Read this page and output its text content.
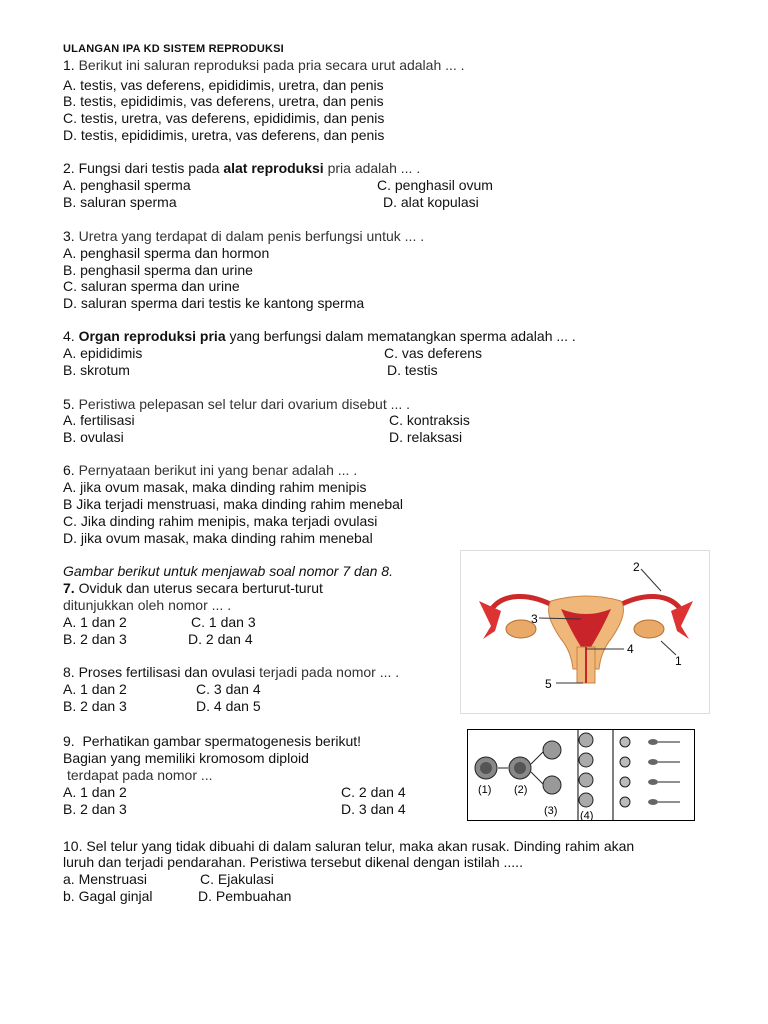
ULANGAN IPA KD SISTEM REPRODUKSI
1. Berikut ini saluran reproduksi pada pria secara urut adalah ... .
A. testis, vas deferens, epididimis, uretra, dan penis
B. testis, epididimis, vas deferens, uretra, dan penis
C. testis, uretra, vas deferens, epididimis, dan penis
D. testis, epididimis, uretra, vas deferens, dan penis
2. Fungsi dari testis pada alat reproduksi pria adalah ... .
A. penghasil sperma	C. penghasil ovum
B. saluran sperma	D. alat kopulasi
3. Uretra yang terdapat di dalam penis berfungsi untuk ... .
A. penghasil sperma dan hormon
B. penghasil sperma dan urine
C. saluran sperma dan urine
D. saluran sperma dari testis ke kantong sperma
4. Organ reproduksi pria yang berfungsi dalam mematangkan sperma adalah ... .
A. epididimis	C. vas deferens
B. skrotum	D. testis
5. Peristiwa pelepasan sel telur dari ovarium disebut ... .
A. fertilisasi	C. kontraksis
B. ovulasi	D. relaksasi
6. Pernyataan berikut ini yang benar adalah ... .
A. jika ovum masak, maka dinding rahim menipis
B Jika terjadi menstruasi, maka dinding rahim menebal
C. Jika dinding rahim menipis, maka terjadi ovulasi
D. jika ovum masak, maka dinding rahim menebal
Gambar berikut untuk menjawab soal nomor 7 dan 8.
7. Oviduk dan uterus secara berturut-turut
ditunjukkan oleh nomor ... .
A. 1 dan 2	C. 1 dan 3
B. 2 dan 3	D. 2 dan 4
8. Proses fertilisasi dan ovulasi terjadi pada nomor ... .
A. 1 dan 2	C. 3 dan 4
B. 2 dan 3	D. 4 dan 5
9. Perhatikan gambar spermatogenesis berikut!
Bagian yang memiliki kromosom diploid
terdapat pada nomor ...
A. 1 dan 2	C. 2 dan 4
B. 2 dan 3	D. 3 dan 4
10. Sel telur yang tidak dibuahi di dalam saluran telur, maka akan rusak. Dinding rahim akan
luruh dan terjadi pendarahan. Peristiwa tersebut dikenal dengan istilah .....
a. Menstruasi	C. Ejakulasi
b. Gagal ginjal	D. Pembuahan
2
3
4
1
5
(1) (2)
(3) (4)
